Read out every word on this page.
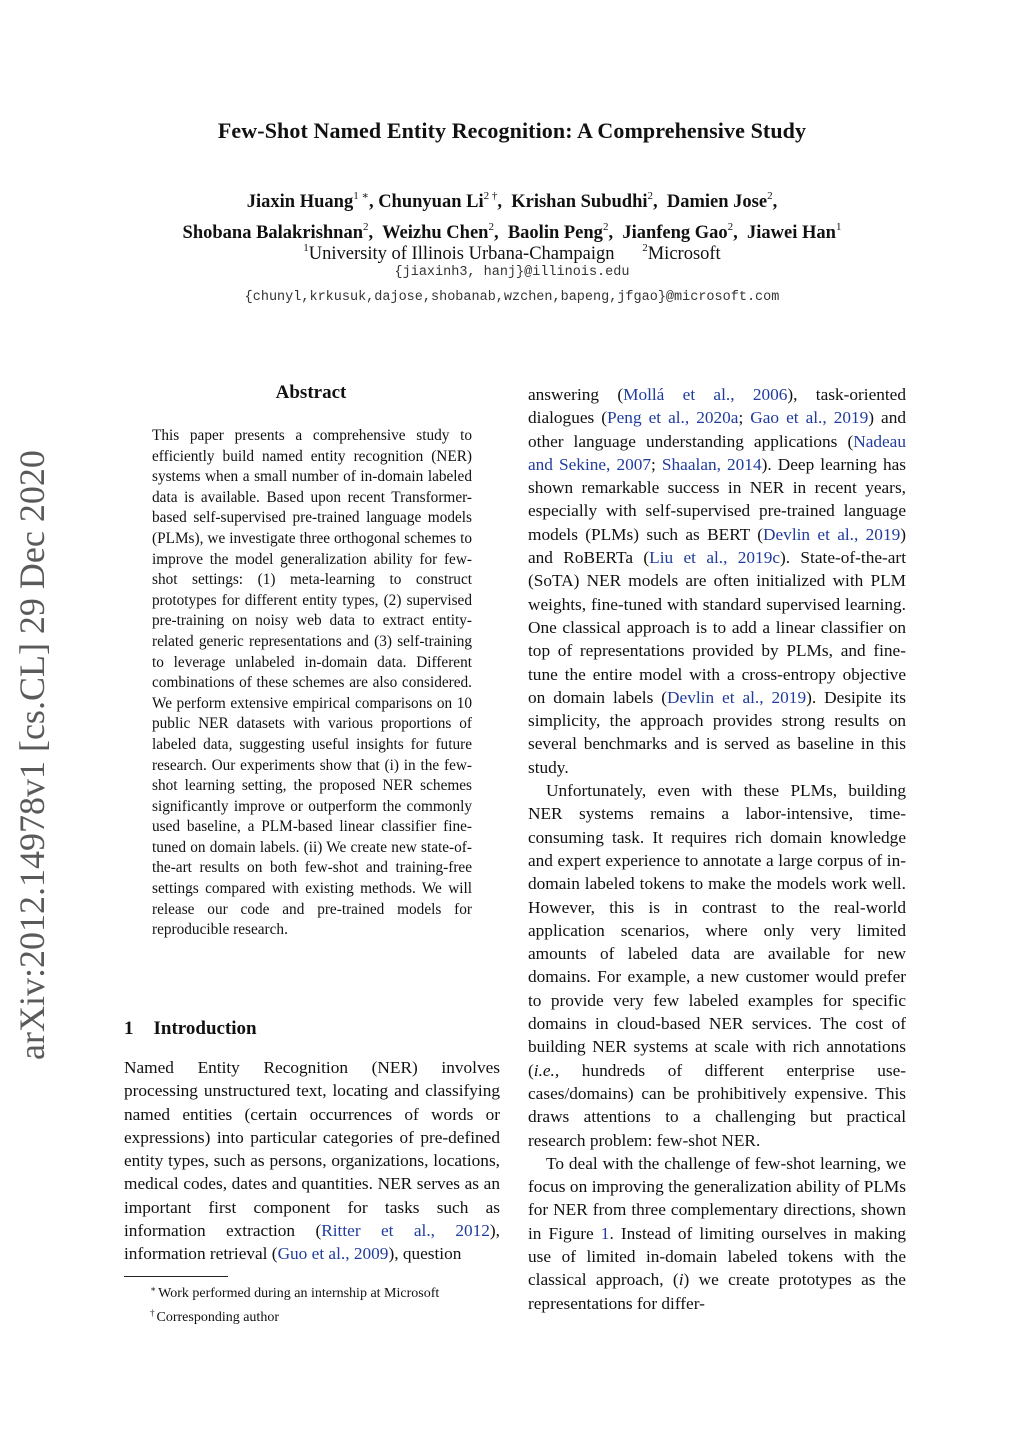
arXiv:2012.14978v1 [cs.CL] 29 Dec 2020
Few-Shot Named Entity Recognition: A Comprehensive Study
Jiaxin Huang$^{1 ∗}$, Chunyuan $Li^{2 \dagger}$,  Krishan Subudhi$^2$,  Damien Jose$^2$,
Shobana Balakrishnan$^2$,  Weizhu Chen$^2$,  Baolin Peng$^2$,  Jianfeng Gao$^2$,  Jiawei Han$^1$
$^1$University of Illinois Urbana-Champaign	$^2$Microsoft
{jiaxinh3, hanj}@illinois.edu
{chunyl,krkusuk,dajose,shobanab,wzchen,bapeng,jfgao}@microsoft.com
Abstract
This paper presents a comprehensive study to efficiently build named entity recognition (NER) systems when a small number of in-domain labeled data is available. Based upon recent Transformer-based self-supervised pre-trained language models (PLMs), we investigate three orthogonal schemes to improve the model generalization ability for few-shot settings: (1) meta-learning to construct prototypes for different entity types, (2) supervised pre-training on noisy web data to extract entity-related generic representations and (3) self-training to leverage unlabeled in-domain data. Different combinations of these schemes are also considered. We perform extensive empirical comparisons on 10 public NER datasets with various proportions of labeled data, suggesting useful insights for future research. Our experiments show that (i) in the few-shot learning setting, the proposed NER schemes significantly improve or outperform the commonly used baseline, a PLM-based linear classifier fine-tuned on domain labels. (ii) We create new state-of-the-art results on both few-shot and training-free settings compared with existing methods. We will release our code and pre-trained models for reproducible research.
1 Introduction
Named Entity Recognition (NER) involves processing unstructured text, locating and classifying named entities (certain occurrences of words or expressions) into particular categories of pre-defined entity types, such as persons, organizations, locations, medical codes, dates and quantities. NER serves as an important first component for tasks such as information extraction (Ritter et al., 2012), information retrieval (Guo et al., 2009), question

answering (Mollá et al., 2006), task-oriented dialogues (Peng et al., 2020a; Gao et al., 2019) and other language understanding applications (Nadeau and Sekine, 2007; Shaalan, 2014). Deep learning has shown remarkable success in NER in recent years, especially with self-supervised pre-trained language models (PLMs) such as BERT (Devlin et al., 2019) and RoBERTa (Liu et al., 2019c). State-of-the-art (SoTA) NER models are often initialized with PLM weights, fine-tuned with standard supervised learning. One classical approach is to add a linear classifier on top of representations provided by PLMs, and fine-tune the entire model with a cross-entropy objective on domain labels (Devlin et al., 2019). Desipite its simplicity, the approach provides strong results on several benchmarks and is served as baseline in this study.

Unfortunately, even with these PLMs, building NER systems remains a labor-intensive, time-consuming task. It requires rich domain knowledge and expert experience to annotate a large corpus of in-domain labeled tokens to make the models work well. However, this is in contrast to the real-world application scenarios, where only very limited amounts of labeled data are available for new domains. For example, a new customer would prefer to provide very few labeled examples for specific domains in cloud-based NER services. The cost of building NER systems at scale with rich annotations (i.e., hundreds of different enterprise use-cases/domains) can be prohibitively expensive. This draws attentions to a challenging but practical research problem: few-shot NER.

To deal with the challenge of few-shot learning, we focus on improving the generalization ability of PLMs for NER from three complementary directions, shown in Figure 1. Instead of limiting ourselves in making use of limited in-domain labeled tokens with the classical approach, (i) we create prototypes as the representations for differ-

∗ Work performed during an internship at Microsoft
† Corresponding author
